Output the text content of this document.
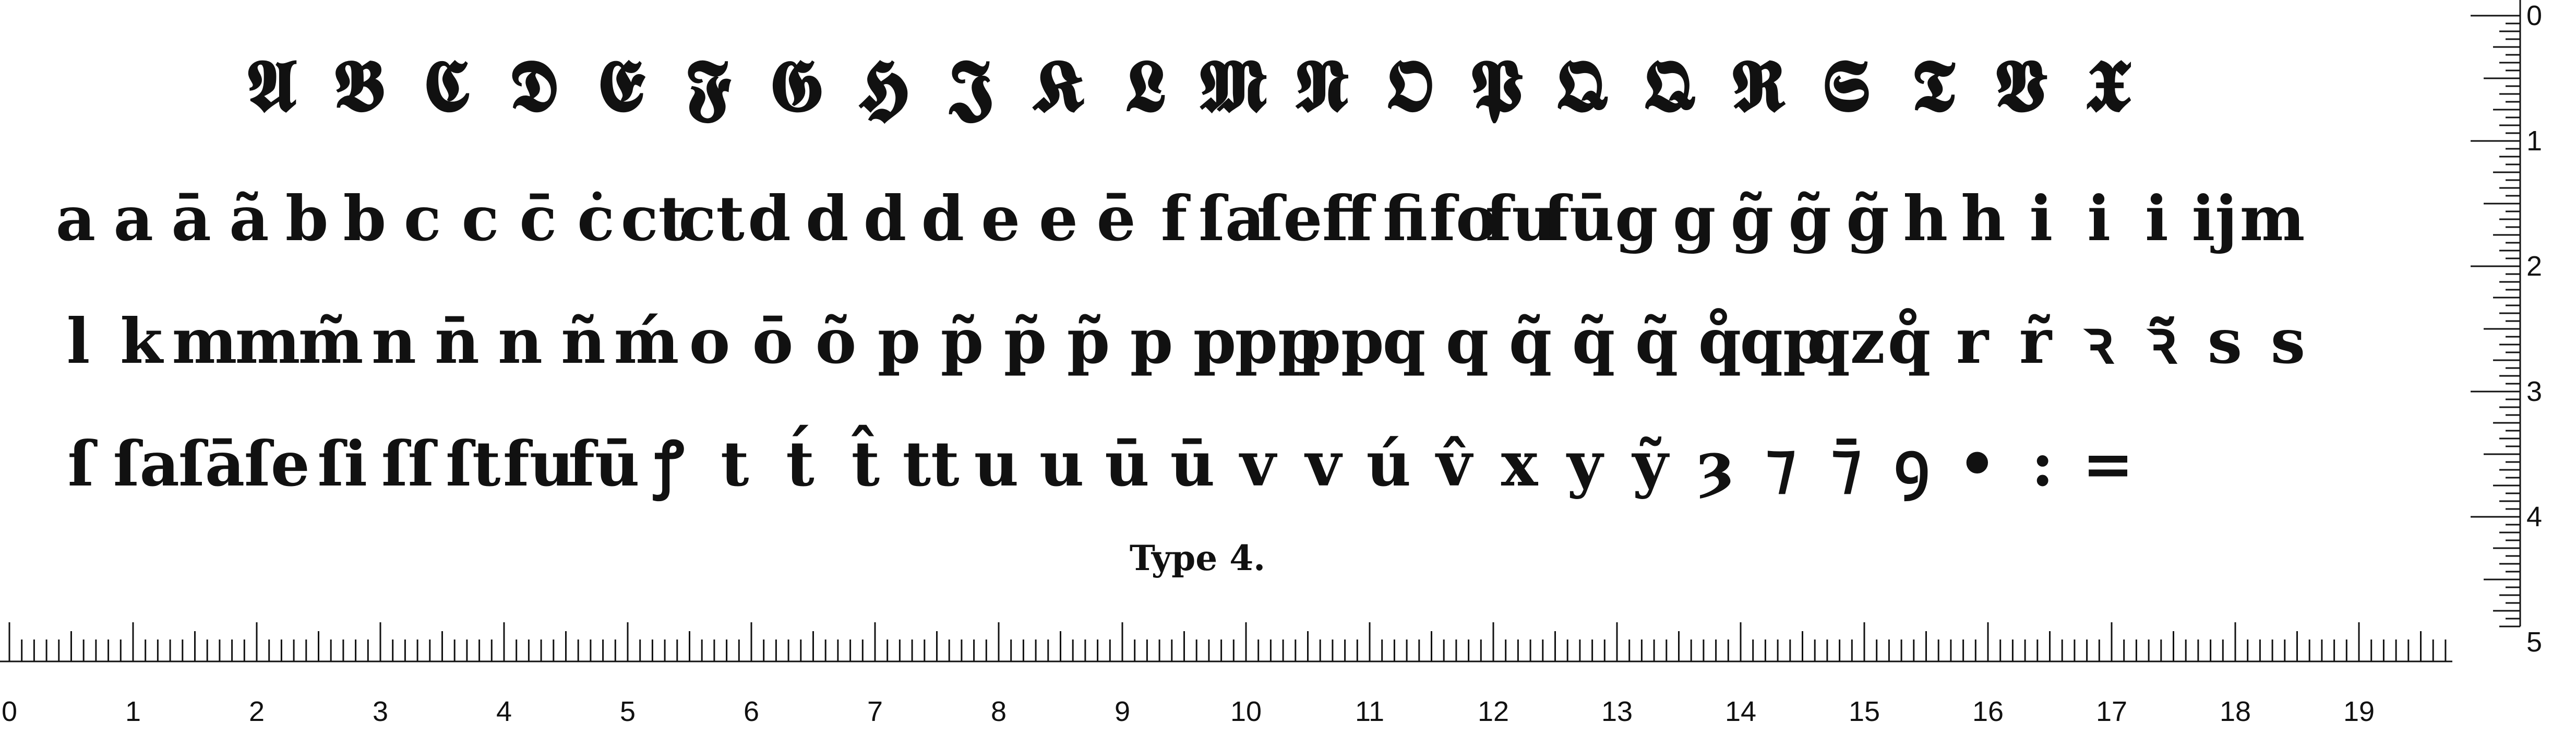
𝕬 𝕭 𝕮 𝕯 𝕰 𝕱 𝕲 𝕳 𝕵 𝕶 𝕷 𝕸 𝕹 𝕺 𝕻 𝕼 𝕼 𝕽 𝕾 𝕿 𝖁 𝖃
a a ā ã b b c c c̄ ċ ct
ct d d d d e e ē f ſa
ſe ff fi fo
fu
fū g g g̃ g̃ g̃ h h i i i ij m
l k m
m
m̃ n n̄ n ñ ḿ o ō õ p p̃ p̃ p̃ p p
pp
pp
q q q̃ q̃ q̃ q̊
qp
qz q̊ r r̃ ꝛ ꝛ̃ s s
ſ ſa
ſā
ſe ſi ſſ ſt fu
fū ꝭ t t́ t̂ tt u u ū ū v v ú v̂ x y ỹ ȝ ⁊ ⁊̄ ꝯ • : =
Type 4.
0	1	2	3	4	5	6	7	8	9	10	11	12	13	14	15	16	17	18	19
0
1
2
3
4
5
